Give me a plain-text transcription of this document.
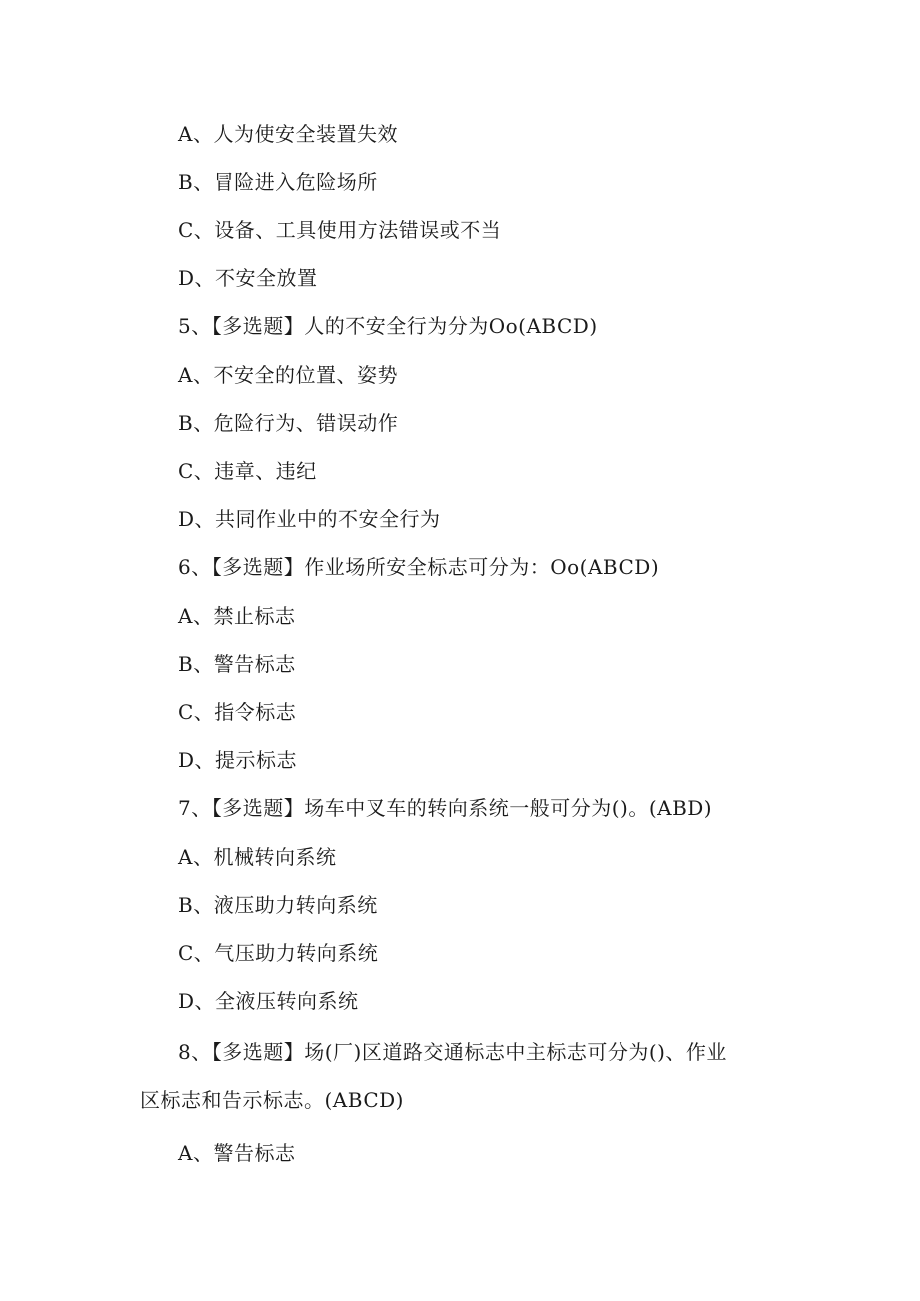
A、人为使安全装置失效
B、冒险进入危险场所
C、设备、工具使用方法错误或不当
D、不安全放置
5、【多选题】人的不安全行为分为Oo(ABCD)
A、不安全的位置、姿势
B、危险行为、错误动作
C、违章、违纪
D、共同作业中的不安全行为
6、【多选题】作业场所安全标志可分为：Oo(ABCD)
A、禁止标志
B、警告标志
C、指令标志
D、提示标志
7、【多选题】场车中叉车的转向系统一般可分为()。(ABD)
A、机械转向系统
B、液压助力转向系统
C、气压助力转向系统
D、全液压转向系统
8、【多选题】场(厂)区道路交通标志中主标志可分为()、作业
区标志和告示标志。(ABCD)
A、警告标志
